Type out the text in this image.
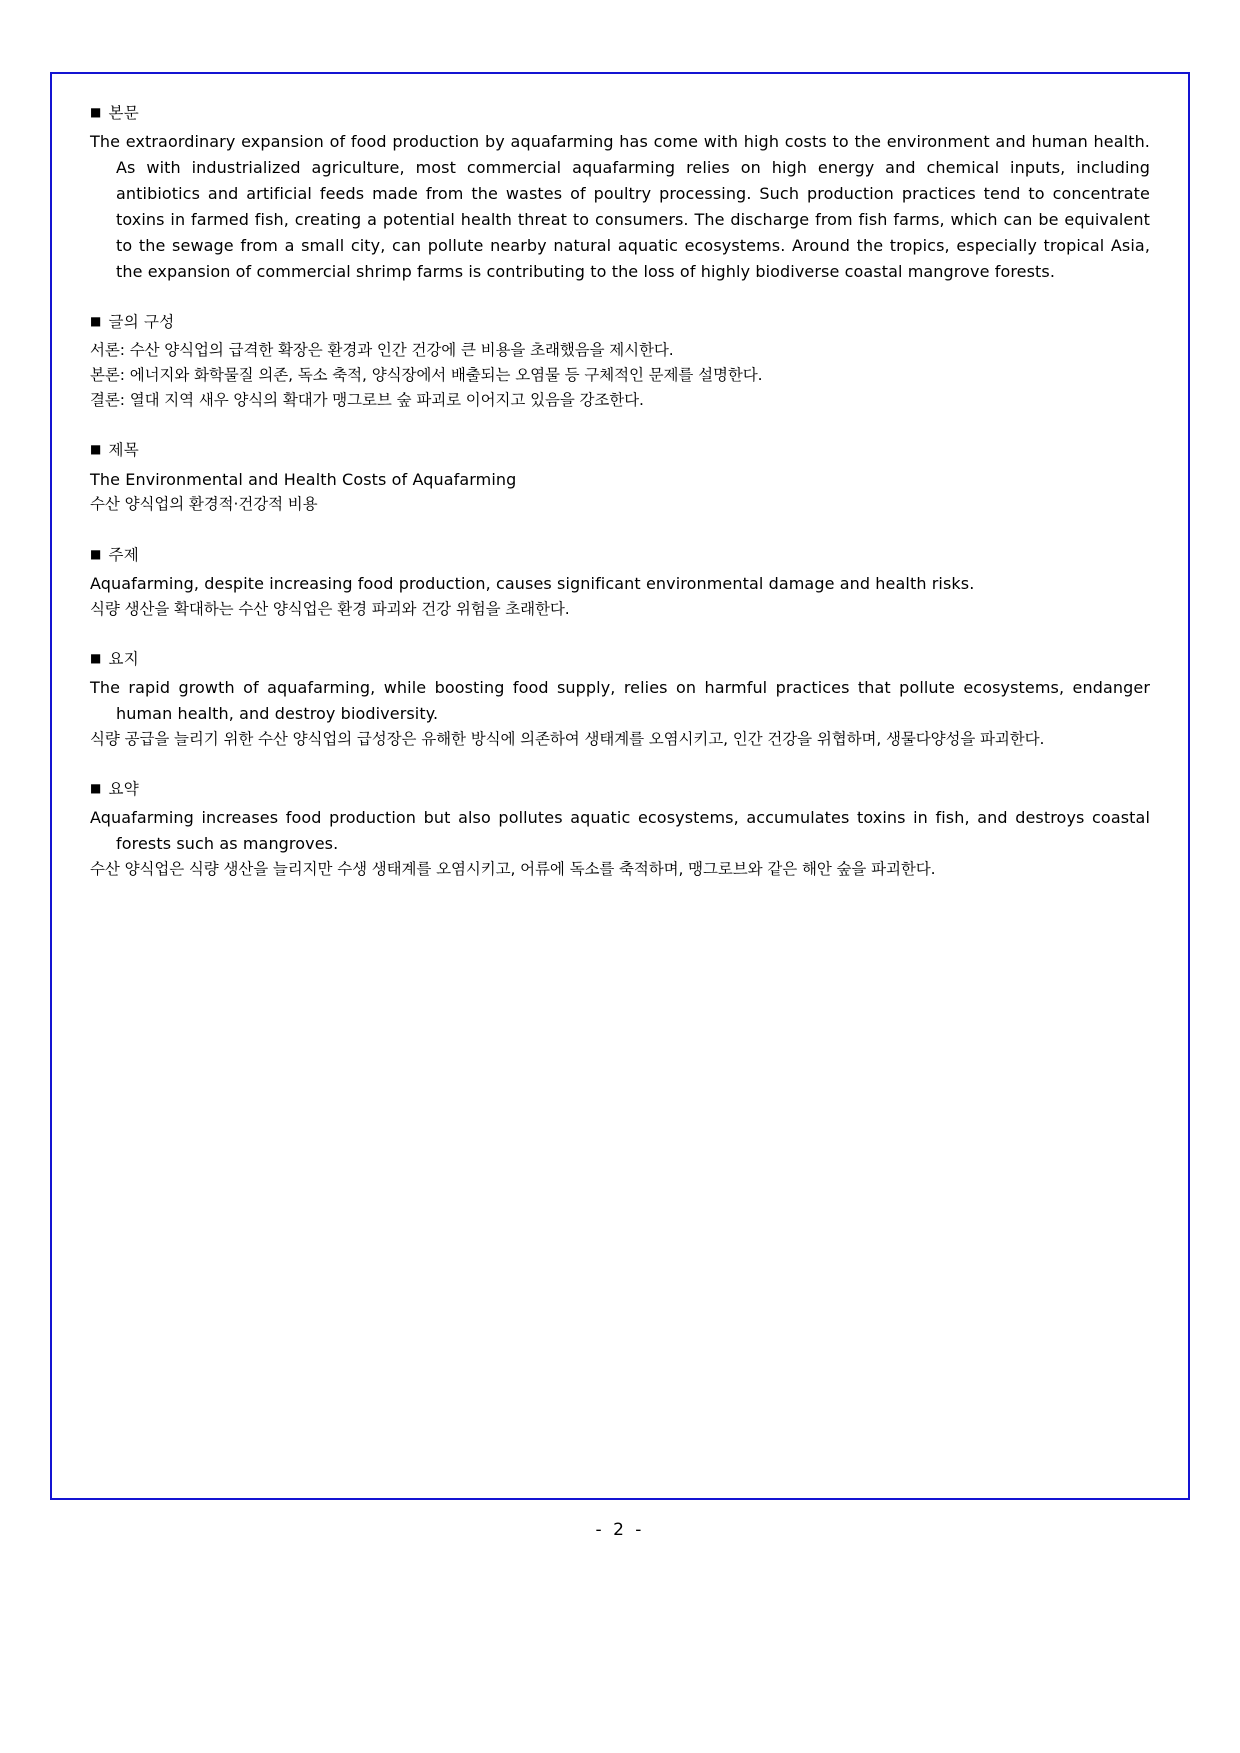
■ 본문

The extraordinary expansion of food production by aquafarming has come with high costs to the environment and human health. As with industrialized agriculture, most commercial aquafarming relies on high energy and chemical inputs, including antibiotics and artificial feeds made from the wastes of poultry processing. Such production practices tend to concentrate toxins in farmed fish, creating a potential health threat to consumers. The discharge from fish farms, which can be equivalent to the sewage from a small city, can pollute nearby natural aquatic ecosystems. Around the tropics, especially tropical Asia, the expansion of commercial shrimp farms is contributing to the loss of highly biodiverse coastal mangrove forests.

■ 글의 구성

서론: 수산 양식업의 급격한 확장은 환경과 인간 건강에 큰 비용을 초래했음을 제시한다.

본론: 에너지와 화학물질 의존, 독소 축적, 양식장에서 배출되는 오염물 등 구체적인 문제를 설명한다.

결론: 열대 지역 새우 양식의 확대가 맹그로브 숲 파괴로 이어지고 있음을 강조한다.

■ 제목

The Environmental and Health Costs of Aquafarming

수산 양식업의 환경적·건강적 비용

■ 주제

Aquafarming, despite increasing food production, causes significant environmental damage and health risks.

식량 생산을 확대하는 수산 양식업은 환경 파괴와 건강 위험을 초래한다.

■ 요지

The rapid growth of aquafarming, while boosting food supply, relies on harmful practices that pollute ecosystems, endanger human health, and destroy biodiversity.

식량 공급을 늘리기 위한 수산 양식업의 급성장은 유해한 방식에 의존하여 생태계를 오염시키고, 인간 건강을 위협하며, 생물다양성을 파괴한다.

■ 요약

Aquafarming increases food production but also pollutes aquatic ecosystems, accumulates toxins in fish, and destroys coastal forests such as mangroves.

수산 양식업은 식량 생산을 늘리지만 수생 생태계를 오염시키고, 어류에 독소를 축적하며, 맹그로브와 같은 해안 숲을 파괴한다.

- 2 -
